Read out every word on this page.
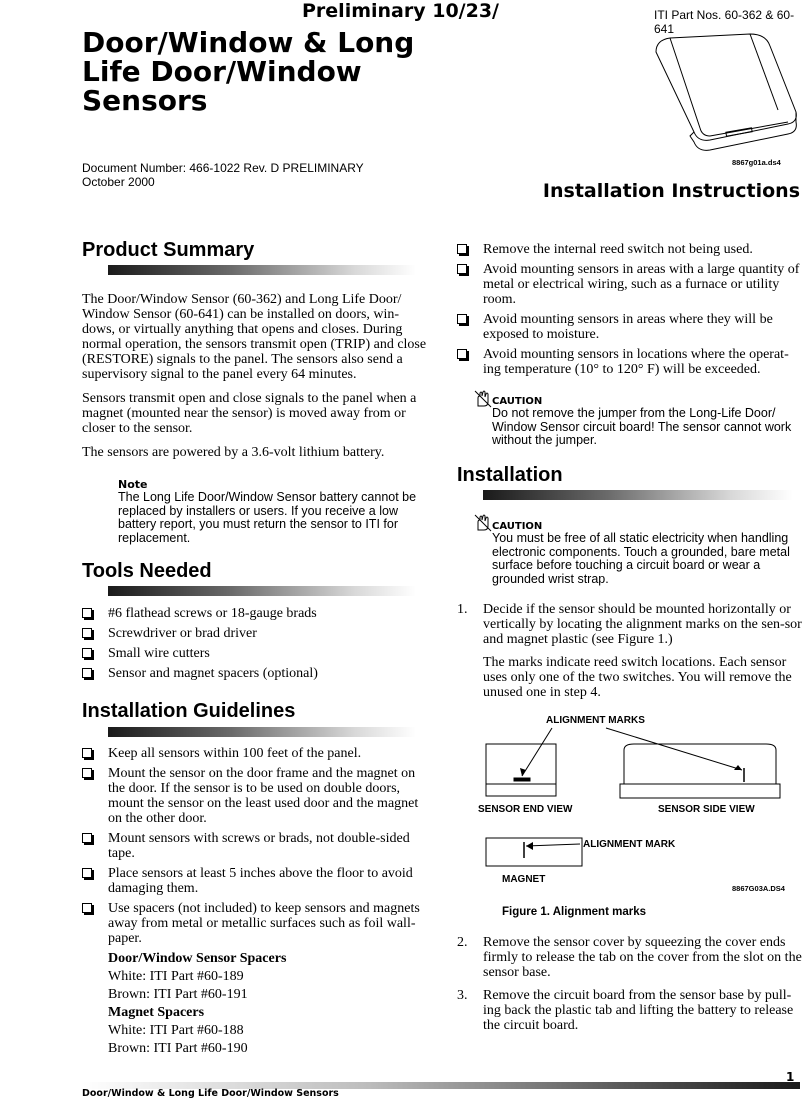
Preliminary 10/23/	ITI Part Nos. 60-362 & 60-641
Door/Window & Long
Life Door/Window
Sensors
Document Number: 466-1022 Rev. D PRELIMINARY
October 2000
8867g01a.ds4
Installation Instructions
Product Summary

The Door/Window Sensor (60-362) and Long Life Door/ Window Sensor (60-641) can be installed on doors, win-dows, or virtually anything that opens and closes. During normal operation, the sensors transmit open (TRIP) and close (RESTORE) signals to the panel. The sensors also send a supervisory signal to the panel every 64 minutes.

Sensors transmit open and close signals to the panel when a magnet (mounted near the sensor) is moved away from or closer to the sensor.

The sensors are powered by a 3.6-volt lithium battery.

Note
The Long Life Door/Window Sensor battery cannot be replaced by installers or users. If you receive a low battery report, you must return the sensor to ITI for replacement.
Tools Needed
#6 flathead screws or 18-gauge brads
Screwdriver or brad driver
Small wire cutters
Sensor and magnet spacers (optional)
Installation Guidelines
Keep all sensors within 100 feet of the panel.
Mount the sensor on the door frame and the magnet on the door. If the sensor is to be used on double doors, mount the sensor on the least used door and the magnet on the other door.
Mount sensors with screws or brads, not double-sided tape.
Place sensors at least 5 inches above the floor to avoid damaging them.
Use spacers (not included) to keep sensors and magnets away from metal or metallic surfaces such as foil wall-paper.
Door/Window Sensor Spacers
White: ITI Part #60-189
Brown: ITI Part #60-191
Magnet Spacers
White: ITI Part #60-188
Brown: ITI Part #60-190
Remove the internal reed switch not being used.
Avoid mounting sensors in areas with a large quantity of metal or electrical wiring, such as a furnace or utility room.
Avoid mounting sensors in areas where they will be exposed to moisture.
Avoid mounting sensors in locations where the operat-ing temperature (10° to 120° F) will be exceeded.
CAUTION
Do not remove the jumper from the Long-Life Door/ Window Sensor circuit board! The sensor cannot work without the jumper.
Installation
CAUTION
You must be free of all static electricity when handling electronic components. Touch a grounded, bare metal surface before touching a circuit board or wear a grounded wrist strap.
1. Decide if the sensor should be mounted horizontally or vertically by locating the alignment marks on the sen-sor and magnet plastic (see Figure 1.)

The marks indicate reed switch locations. Each sensor uses only one of the two switches. You will remove the unused one in step 4.

ALIGNMENT MARKS
SENSOR END VIEW	SENSOR SIDE VIEW
ALIGNMENT MARK
MAGNET
8867G03A.DS4
Figure 1. Alignment marks
2. Remove the sensor cover by squeezing the cover ends firmly to release the tab on the cover from the slot on the sensor base.
3. Remove the circuit board from the sensor base by pull-ing back the plastic tab and lifting the battery to release the circuit board.
Door/Window & Long Life Door/Window Sensors
1
